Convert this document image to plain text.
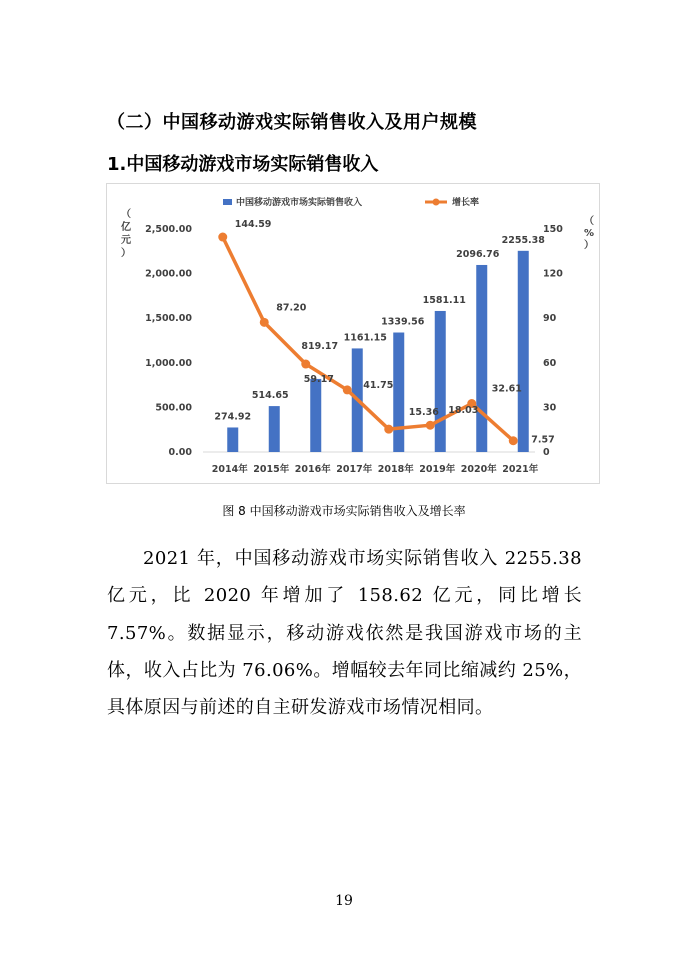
（二）中国移动游戏实际销售收入及用户规模
1.中国移动游戏市场实际销售收入
中国移动游戏市场实际销售收入	增长率
（
亿
元
）
（
%
）
0.00
500.00
1,000.00
1,500.00
2,000.00
2,500.00
0
30
60
90
120
150
2014年 2015年 2016年 2017年 2018年 2019年 2020年 2021年
274.92
514.65
819.17
1161.15
1339.56
1581.11
2096.76
2255.38
144.59
87.20
59.17
41.75
15.36 18.03
32.61
7.57
图 8 中国移动游戏市场实际销售收入及增长率
2021 年，中国移动游戏市场实际销售收入 2255.38 亿元，比 2020 年增加了 158.62 亿元，同比增长 7.57%。数据显示，移动游戏依然是我国游戏市场的主体，收入占比为 76.06%。增幅较去年同比缩减约 25%，具体原因与前述的自主研发游戏市场情况相同。
19
